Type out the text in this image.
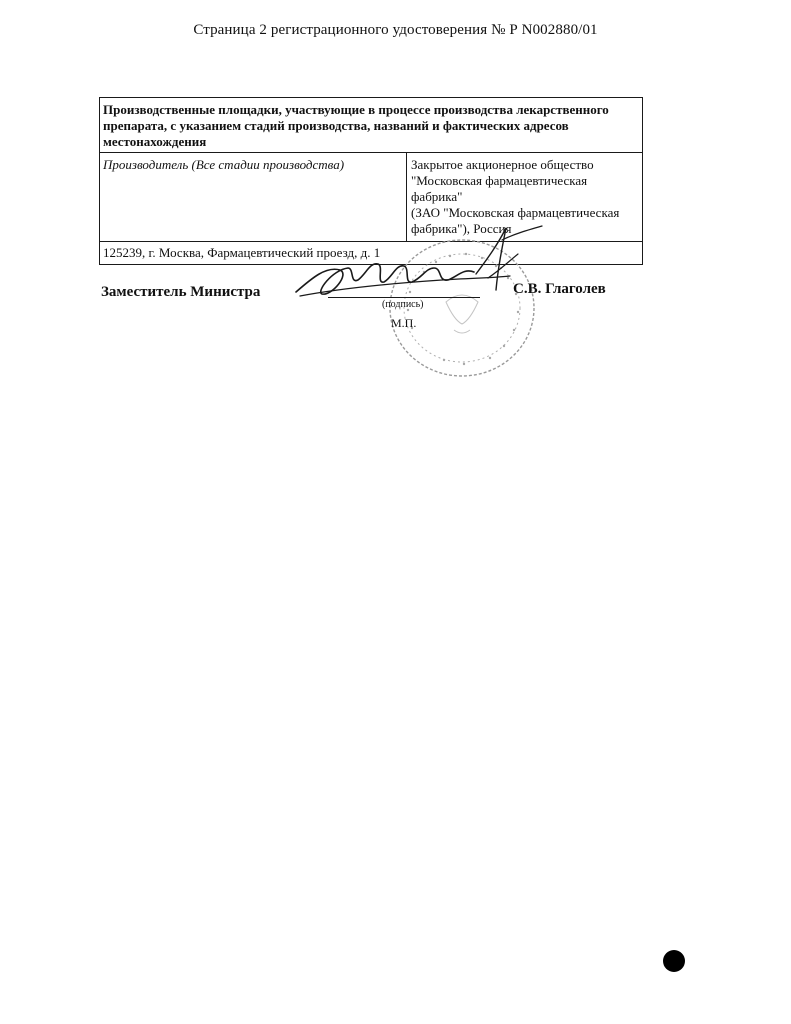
Страница 2 регистрационного удостоверения № Р N002880/01
Производственные площадки, участвующие в процессе производства лекарственного препарата, с указанием стадий производства, названий и фактических адресов местонахождения
Производитель (Все стадии производства)	Закрытое акционерное общество
"Московская фармацевтическая фабрика"
(ЗАО "Московская фармацевтическая
фабрика"), Россия
125239, г. Москва, Фармацевтический проезд, д. 1
Заместитель Министра	С.В. Глаголев
(подпись)
М.П.
